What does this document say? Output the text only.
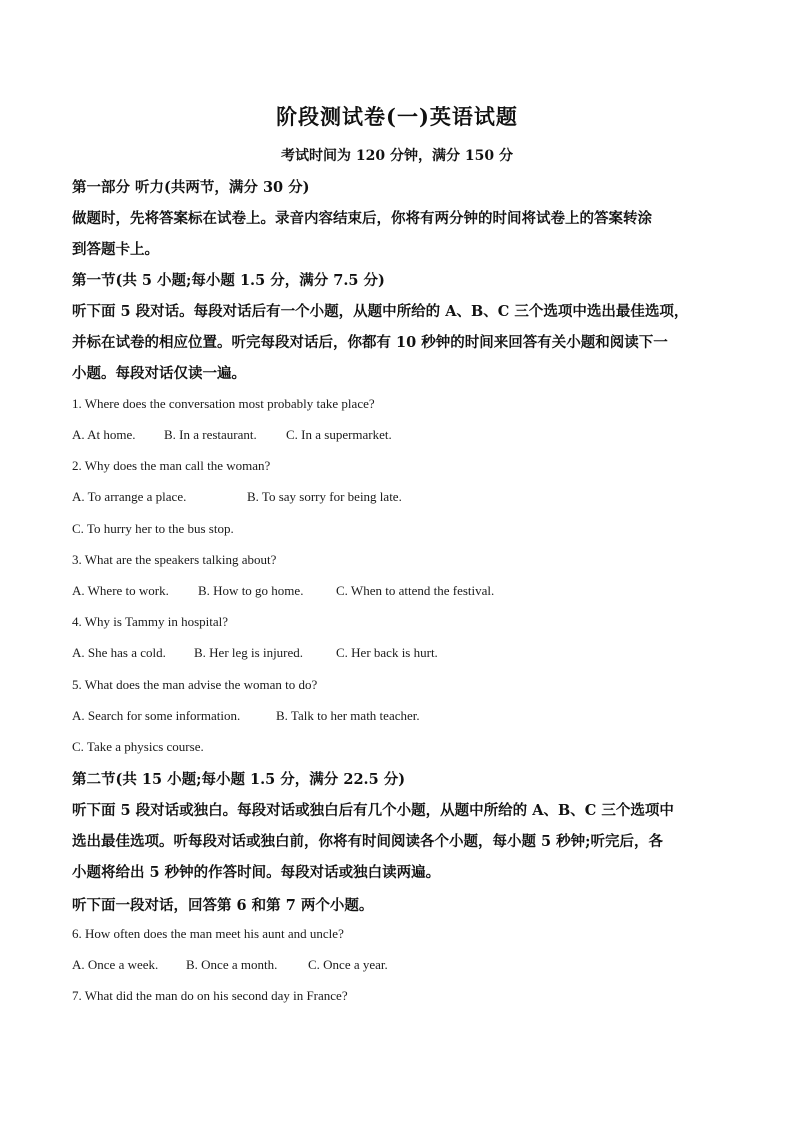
阶段测试卷(一)英语试题
考试时间为 120 分钟，满分 150 分
第一部分 听力(共两节，满分 30 分)
做题时，先将答案标在试卷上。录音内容结束后，你将有两分钟的时间将试卷上的答案转涂
到答题卡上。
第一节(共 5 小题;每小题 1.5 分，满分 7.5 分)
听下面 5 段对话。每段对话后有一个小题，从题中所给的 A、B、C 三个选项中选出最佳选项，
并标在试卷的相应位置。听完每段对话后，你都有 10 秒钟的时间来回答有关小题和阅读下一
小题。每段对话仅读一遍。
1. Where does the conversation most probably take place?
A. At home. B. In a restaurant. C. In a supermarket.
2. Why does the man call the woman?
A. To arrange a place.	B. To say sorry for being late.
C. To hurry her to the bus stop.
3. What are the speakers talking about?
A. Where to work. B. How to go home.	C. When to attend the festival.
4. Why is Tammy in hospital?
A. She has a cold. B. Her leg is injured.	C. Her back is hurt.
5. What does the man advise the woman to do?
A. Search for some information.	B. Talk to her math teacher.
C. Take a physics course.
第二节(共 15 小题;每小题 1.5 分，满分 22.5 分)
听下面 5 段对话或独白。每段对话或独白后有几个小题，从题中所给的 A、B、C 三个选项中
选出最佳选项。听每段对话或独白前，你将有时间阅读各个小题，每小题 5 秒钟;听完后，各
小题将给出 5 秒钟的作答时间。每段对话或独白读两遍。
听下面一段对话，回答第 6 和第 7 两个小题。
6. How often does the man meet his aunt and uncle?
A. Once a week. B. Once a month. C. Once a year.
7. What did the man do on his second day in France?
